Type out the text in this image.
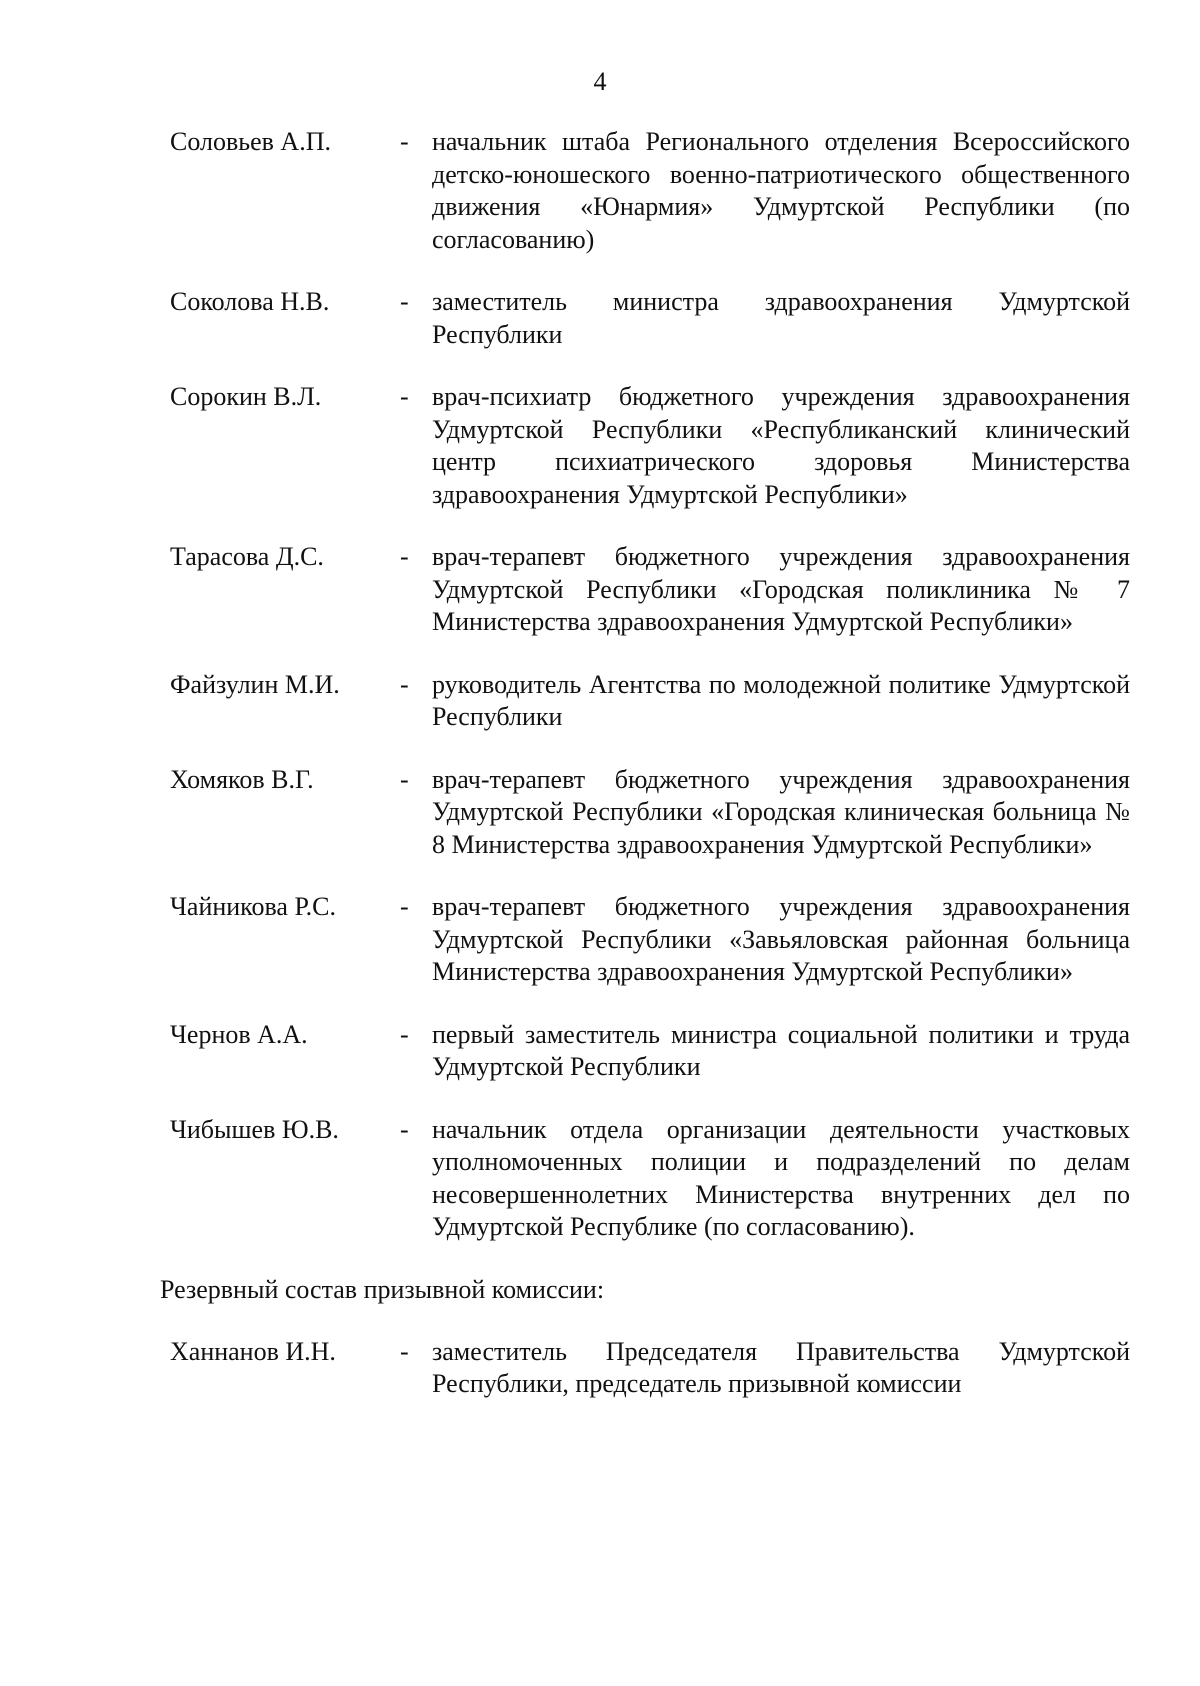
4
Соловьев А.П.	- начальник штаба Регионального отделения Всероссийского детско-юношеского военно-патриотического общественного движения «Юнармия» Удмуртской Республики (по согласованию)
Соколова Н.В.	- заместитель министра здравоохранения Удмуртской Республики
Сорокин В.Л.	- врач-психиатр бюджетного учреждения здравоохранения Удмуртской Республики «Республиканский клинический центр психиатрического здоровья Министерства здравоохранения Удмуртской Республики»
Тарасова Д.С.	- врач-терапевт бюджетного учреждения здравоохранения Удмуртской Республики «Городская поликлиника № 7 Министерства здравоохранения Удмуртской Республики»
Файзулин М.И.	- руководитель Агентства по молодежной политике Удмуртской Республики
Хомяков В.Г.	- врач-терапевт бюджетного учреждения здравоохранения Удмуртской Республики «Городская клиническая больница № 8 Министерства здравоохранения Удмуртской Республики»
Чайникова Р.С.	- врач-терапевт бюджетного учреждения здравоохранения Удмуртской Республики «Завьяловская районная больница Министерства здравоохранения Удмуртской Республики»
Чернов А.А.	- первый заместитель министра социальной политики и труда Удмуртской Республики
Чибышев Ю.В.	- начальник отдела организации деятельности участковых уполномоченных полиции и подразделений по делам несовершеннолетних Министерства внутренних дел по Удмуртской Республике (по согласованию).
Резервный состав призывной комиссии:
Ханнанов И.Н.	- заместитель Председателя Правительства Удмуртской Республики, председатель призывной комиссии
